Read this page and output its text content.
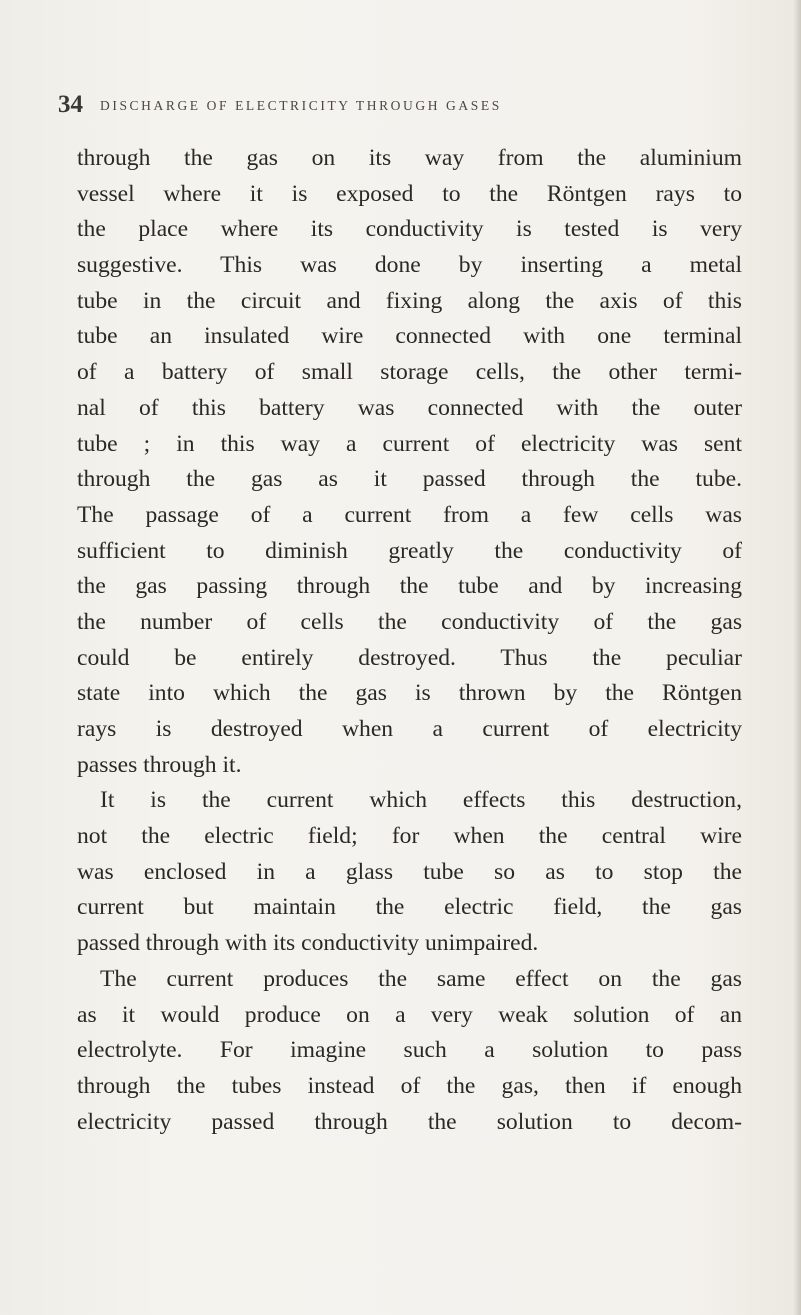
34 DISCHARGE OF ELECTRICITY THROUGH GASES
through the gas on its way from the aluminium
vessel where it is exposed to the Röntgen rays to
the place where its conductivity is tested is very
suggestive. This was done by inserting a metal
tube in the circuit and fixing along the axis of this
tube an insulated wire connected with one terminal
of a battery of small storage cells, the other termi-
nal of this battery was connected with the outer
tube ; in this way a current of electricity was sent
through the gas as it passed through the tube.
The passage of a current from a few cells was
sufficient to diminish greatly the conductivity of
the gas passing through the tube and by increasing
the number of cells the conductivity of the gas
could be entirely destroyed. Thus the peculiar
state into which the gas is thrown by the Röntgen
rays is destroyed when a current of electricity
passes through it.
It is the current which effects this destruction,
not the electric field; for when the central wire
was enclosed in a glass tube so as to stop the
current but maintain the electric field, the gas
passed through with its conductivity unimpaired.
The current produces the same effect on the gas
as it would produce on a very weak solution of an
electrolyte. For imagine such a solution to pass
through the tubes instead of the gas, then if enough
electricity passed through the solution to decom-
